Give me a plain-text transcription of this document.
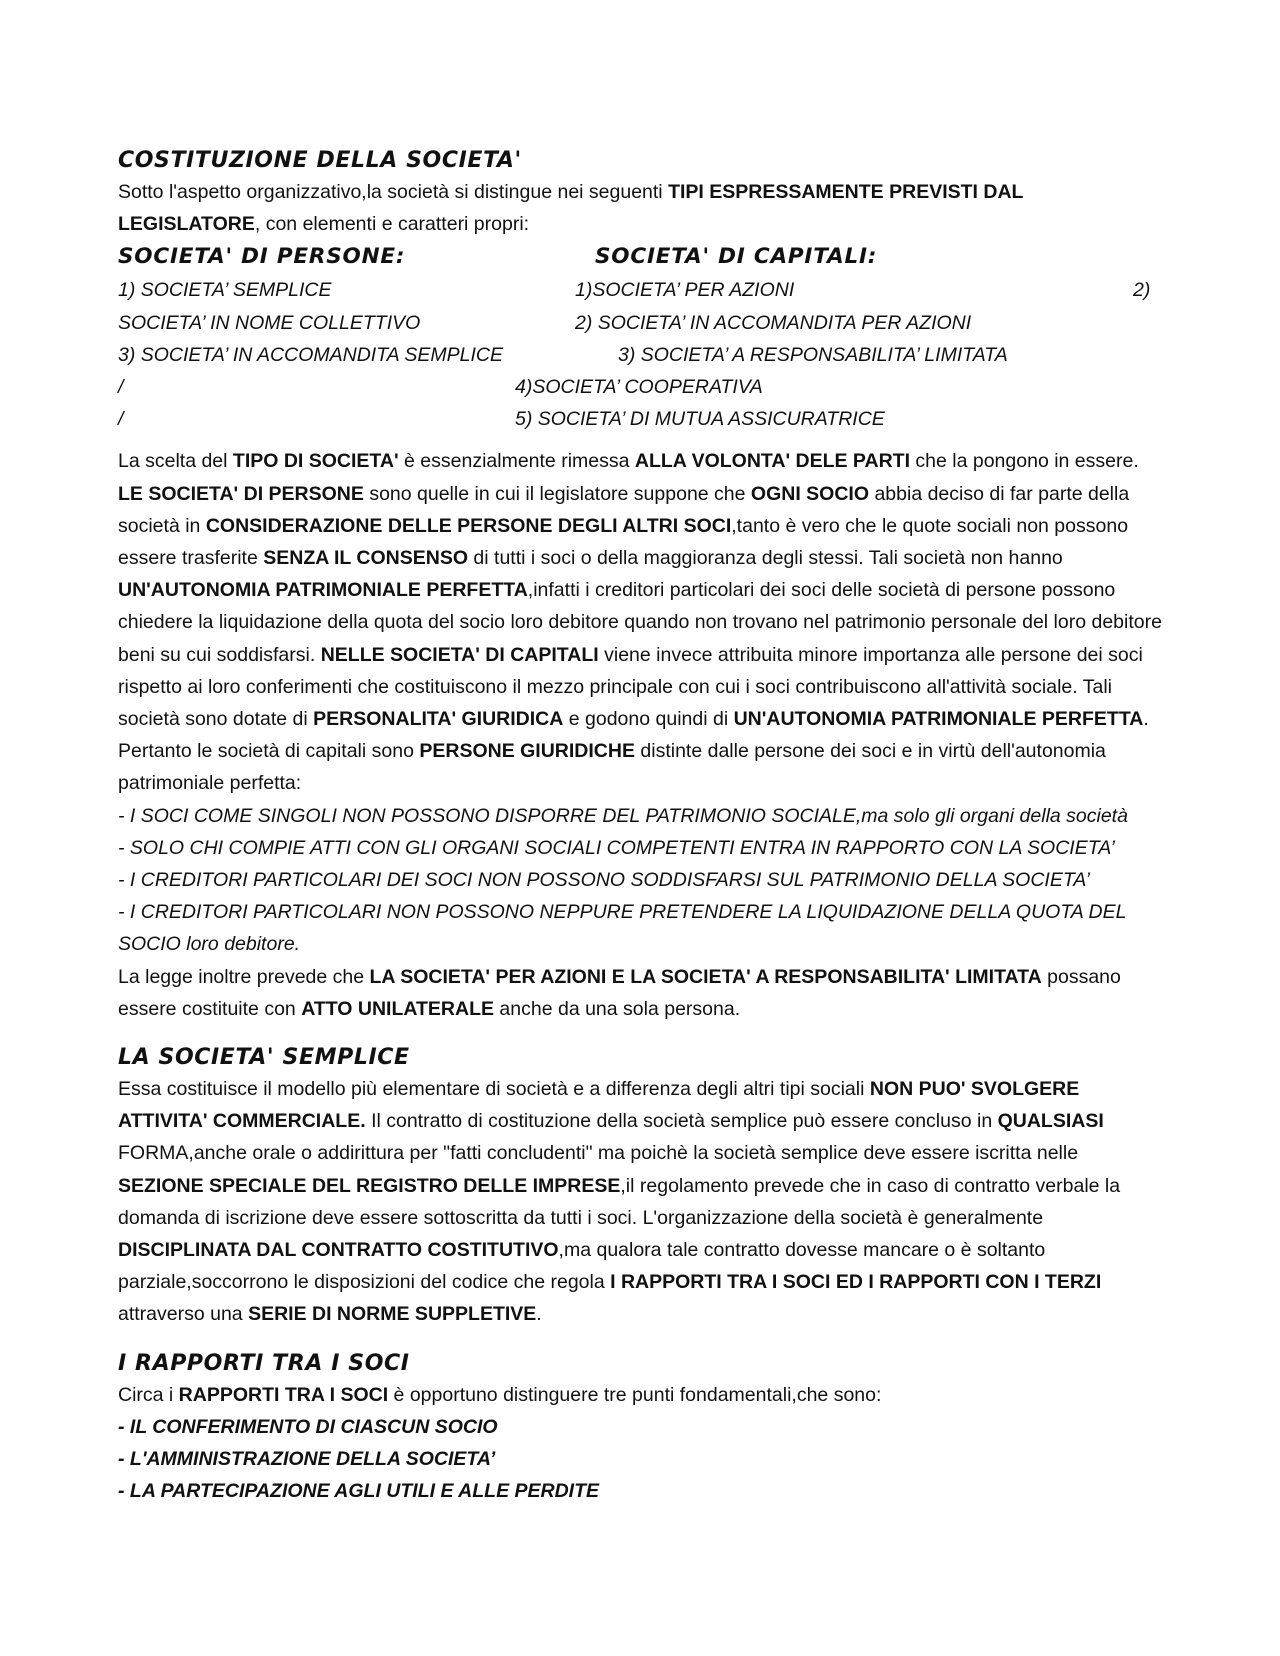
COSTITUZIONE DELLA SOCIETA'

Sotto l'aspetto organizzativo,la società si distingue nei seguenti TIPI ESPRESSAMENTE PREVISTI DAL LEGISLATORE, con elementi e caratteri propri:

SOCIETA' DI PERSONE:	SOCIETA' DI CAPITALI:
1) SOCIETA’ SEMPLICE	1)SOCIETA’ PER AZIONI	2)
SOCIETA’ IN NOME COLLETTIVO	2) SOCIETA’ IN ACCOMANDITA PER AZIONI
3) SOCIETA’ IN ACCOMANDITA SEMPLICE	3) SOCIETA’ A RESPONSABILITA’ LIMITATA
/	4)SOCIETA’ COOPERATIVA
/	5) SOCIETA’ DI MUTUA ASSICURATRICE

La scelta del TIPO DI SOCIETA' è essenzialmente rimessa ALLA VOLONTA' DELE PARTI che la pongono in essere.

LE SOCIETA' DI PERSONE sono quelle in cui il legislatore suppone che OGNI SOCIO abbia deciso di far parte della società in CONSIDERAZIONE DELLE PERSONE DEGLI ALTRI SOCI,tanto è vero che le quote sociali non possono essere trasferite SENZA IL CONSENSO di tutti i soci o della maggioranza degli stessi. Tali società non hanno UN'AUTONOMIA PATRIMONIALE PERFETTA,infatti i creditori particolari dei soci delle società di persone possono chiedere la liquidazione della quota del socio loro debitore quando non trovano nel patrimonio personale del loro debitore beni su cui soddisfarsi. NELLE SOCIETA' DI CAPITALI viene invece attribuita minore importanza alle persone dei soci rispetto ai loro conferimenti che costituiscono il mezzo principale con cui i soci contribuiscono all'attività sociale. Tali società sono dotate di PERSONALITA' GIURIDICA e godono quindi di UN'AUTONOMIA PATRIMONIALE PERFETTA. Pertanto le società di capitali sono PERSONE GIURIDICHE distinte dalle persone dei soci e in virtù dell'autonomia patrimoniale perfetta:

- I SOCI COME SINGOLI NON POSSONO DISPORRE DEL PATRIMONIO SOCIALE,ma solo gli organi della società

- SOLO CHI COMPIE ATTI CON GLI ORGANI SOCIALI COMPETENTI ENTRA IN RAPPORTO CON LA SOCIETA’

- I CREDITORI PARTICOLARI DEI SOCI NON POSSONO SODDISFARSI SUL PATRIMONIO DELLA SOCIETA’

- I CREDITORI PARTICOLARI NON POSSONO NEPPURE PRETENDERE LA LIQUIDAZIONE DELLA QUOTA DEL SOCIO loro debitore.

La legge inoltre prevede che LA SOCIETA' PER AZIONI E LA SOCIETA' A RESPONSABILITA' LIMITATA possano essere costituite con ATTO UNILATERALE anche da una sola persona.

LA SOCIETA' SEMPLICE

Essa costituisce il modello più elementare di società e a differenza degli altri tipi sociali NON PUO' SVOLGERE ATTIVITA' COMMERCIALE. Il contratto di costituzione della società semplice può essere concluso in QUALSIASI FORMA,anche orale o addirittura per "fatti concludenti" ma poichè la società semplice deve essere iscritta nelle SEZIONE SPECIALE DEL REGISTRO DELLE IMPRESE,il regolamento prevede che in caso di contratto verbale la domanda di iscrizione deve essere sottoscritta da tutti i soci. L'organizzazione della società è generalmente DISCIPLINATA DAL CONTRATTO COSTITUTIVO,ma qualora tale contratto dovesse mancare o è soltanto parziale,soccorrono le disposizioni del codice che regola I RAPPORTI TRA I SOCI ED I RAPPORTI CON I TERZI attraverso una SERIE DI NORME SUPPLETIVE.

I RAPPORTI TRA I SOCI

Circa i RAPPORTI TRA I SOCI è opportuno distinguere tre punti fondamentali,che sono:

- IL CONFERIMENTO DI CIASCUN SOCIO

- L'AMMINISTRAZIONE DELLA SOCIETA’

- LA PARTECIPAZIONE AGLI UTILI E ALLE PERDITE
